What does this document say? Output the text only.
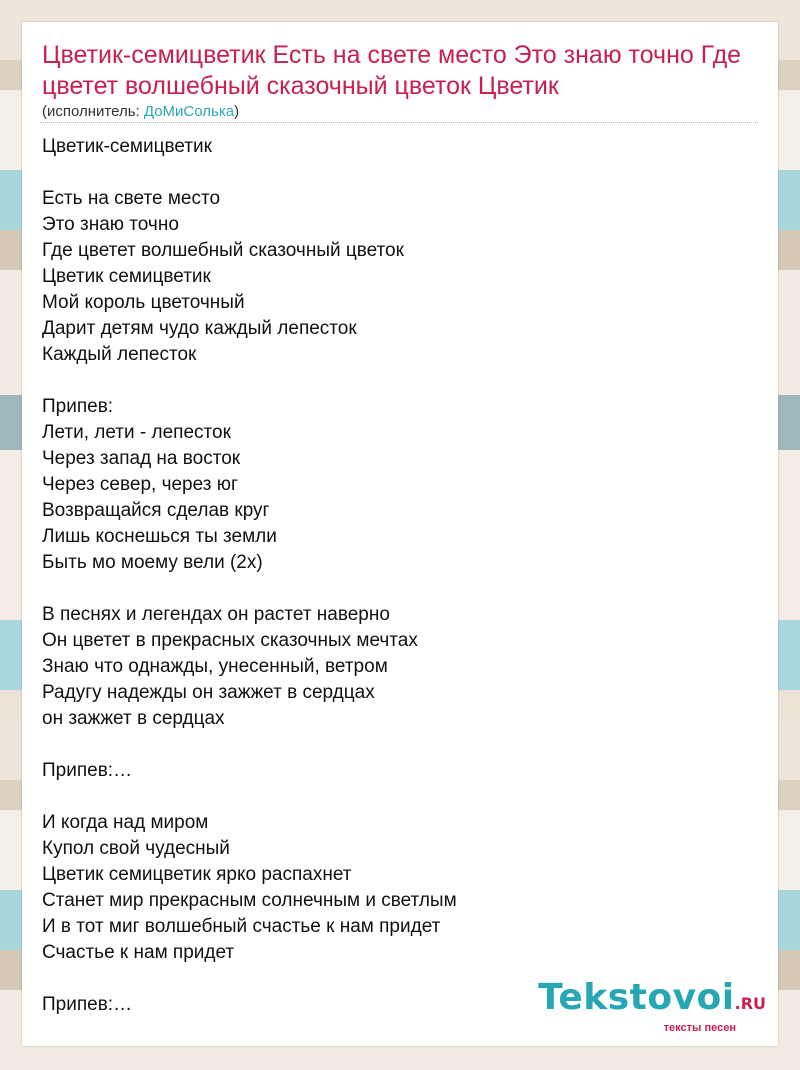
Цветик-семицветик Есть на свете место Это знаю точно Где цветет волшебный сказочный цветок Цветик
(исполнитель: ДоМиСолька)
Цветик-семицветик

Есть на свете место
Это знаю точно
Где цветет волшебный сказочный цветок
Цветик семицветик
Мой король цветочный
Дарит детям чудо каждый лепесток
Каждый лепесток

Припев:
Лети, лети - лепесток
Через запад на восток
Через север, через юг
Возвращайся сделав круг
Лишь коснешься ты земли
Быть мо моему вели (2х)

В песнях и легендах он растет наверно
Он цветет в прекрасных сказочных мечтах
Знаю что однажды, унесенный, ветром
Радугу надежды он зажжет в сердцах
он зажжет в сердцах

Припев:…

И когда над миром
Купол свой чудесный
Цветик семицветик ярко распахнет
Станет мир прекрасным солнечным и светлым
И в тот миг волшебный счастье к нам придет
Счастье к нам придет

Припев:…	Tekstovoi.RU
тексты песен
